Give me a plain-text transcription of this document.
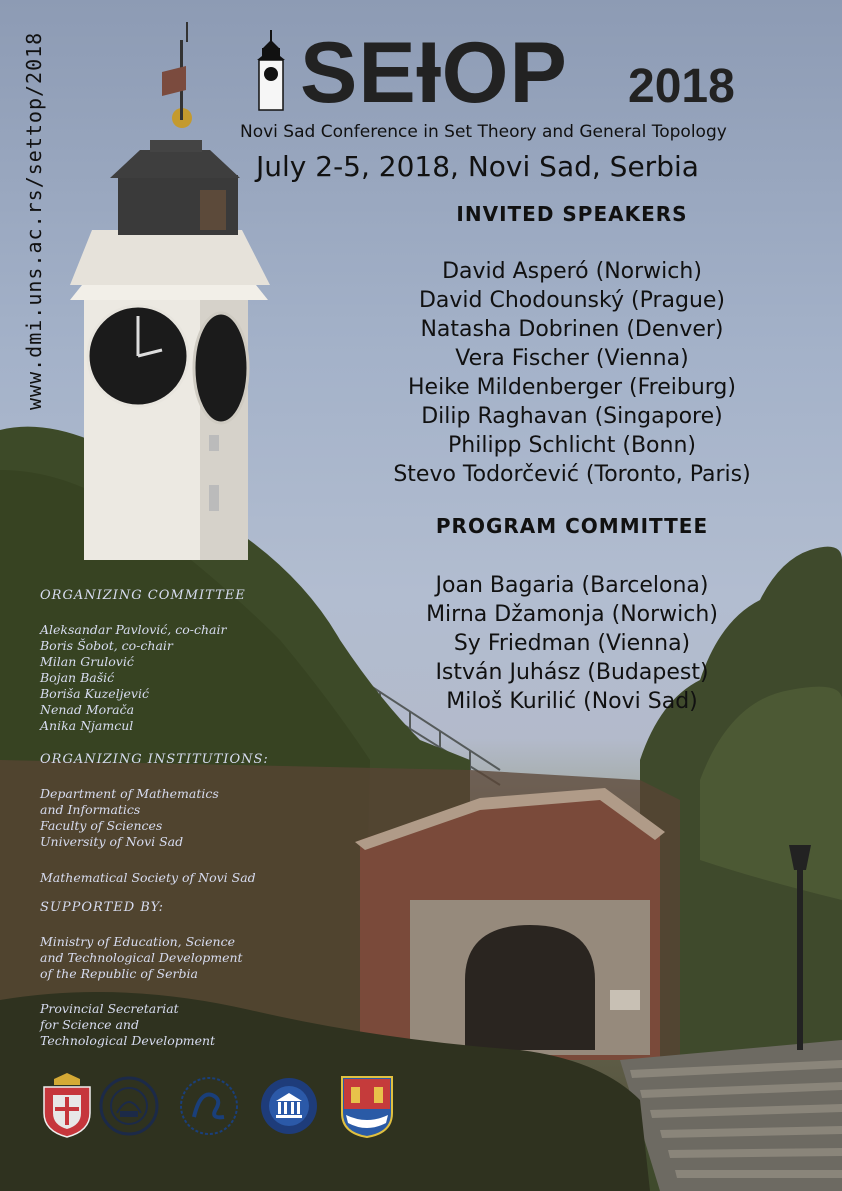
SEƗOP 2018
Novi Sad Conference in Set Theory and General Topology
July 2-5, 2018, Novi Sad, Serbia
www.dmi.uns.ac.rs/settop/2018	INVITED SPEAKERS
David Asperó (Norwich)
David Chodounský (Prague)
Natasha Dobrinen (Denver)
Vera Fischer (Vienna)
Heike Mildenberger (Freiburg)
Dilip Raghavan (Singapore)
Philipp Schlicht (Bonn)
Stevo Todorčević (Toronto, Paris)
PROGRAM COMMITTEE
Joan Bagaria (Barcelona)
Mirna Džamonja (Norwich)
Sy Friedman (Vienna)
István Juhász (Budapest)
Miloš Kurilić (Novi Sad)
ORGANIZING COMMITTEE
Aleksandar Pavlović, co-chair
Boris Šobot, co-chair
Milan Grulović
Bojan Bašić
Boriša Kuzeljević
Nenad Morača
Anika Njamcul
ORGANIZING INSTITUTIONS:
Department of Mathematics
and Informatics
Faculty of Sciences
University of Novi Sad
Mathematical Society of Novi Sad
SUPPORTED BY:
Ministry of Education, Science
and Technological Development
of the Republic of Serbia
Provincial Secretariat
for Science and
Technological Development
